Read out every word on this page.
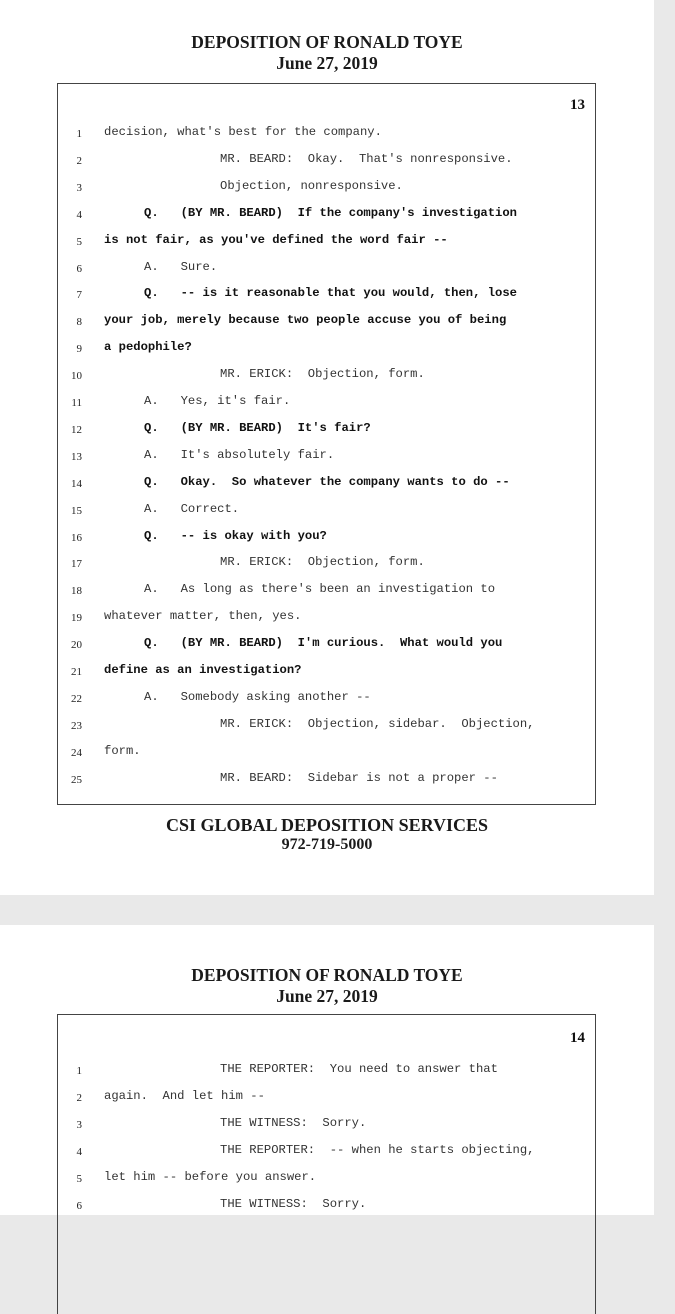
DEPOSITION OF RONALD TOYE
June 27, 2019
13
1 decision, what's best for the company.
2	MR. BEARD:  Okay.  That's nonresponsive.
3	Objection, nonresponsive.
4	Q.   (BY MR. BEARD)  If the company's investigation
5 is not fair, as you've defined the word fair --
6	A.   Sure.
7	Q.   -- is it reasonable that you would, then, lose
8 your job, merely because two people accuse you of being
9 a pedophile?
10	MR. ERICK:  Objection, form.
11	A.   Yes, it's fair.
12	Q.   (BY MR. BEARD)  It's fair?
13	A.   It's absolutely fair.
14	Q.   Okay.  So whatever the company wants to do --
15	A.   Correct.
16	Q.   -- is okay with you?
17	MR. ERICK:  Objection, form.
18	A.   As long as there's been an investigation to
19 whatever matter, then, yes.
20	Q.   (BY MR. BEARD)  I'm curious.  What would you
21 define as an investigation?
22	A.   Somebody asking another --
23	MR. ERICK:  Objection, sidebar.  Objection,
24 form.
25	MR. BEARD:  Sidebar is not a proper --
CSI GLOBAL DEPOSITION SERVICES
972-719-5000
DEPOSITION OF RONALD TOYE
June 27, 2019
14
1	THE REPORTER:  You need to answer that
2 again.  And let him --
3	THE WITNESS:  Sorry.
4	THE REPORTER:  -- when he starts objecting,
5 let him -- before you answer.
6	THE WITNESS:  Sorry.
